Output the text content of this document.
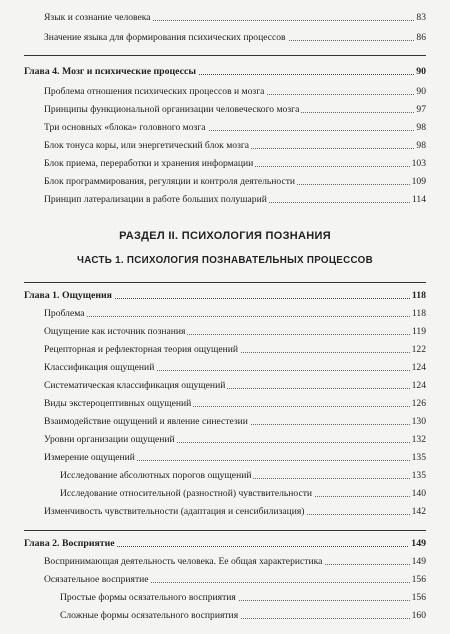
Язык и сознание человека	83
Значение языка для формирования психических процессов	86
Глава 4. Мозг и психические процессы	90
Проблема отношения психических процессов и мозга	90
Принципы функциональной организации человеческого мозга	97
Три основных «блока» головного мозга	98
Блок тонуса коры, или энергетический блок мозга	98
Блок приема, переработки и хранения информации	103
Блок программирования, регуляции и контроля деятельности	109
Принцип латерализации в работе больших полушарий	114
РАЗДЕЛ II. ПСИХОЛОГИЯ ПОЗНАНИЯ
ЧАСТЬ 1. ПСИХОЛОГИЯ ПОЗНАВАТЕЛЬНЫХ ПРОЦЕССОВ
Глава 1. Ощущения	118
Проблема	118
Ощущение как источник познания	119
Рецепторная и рефлекторная теория ощущений	122
Классификация ощущений	124
Систематическая классификация ощущений	124
Виды экстероцептивных ощущений	126
Взаимодействие ощущений и явление синестезии	130
Уровни организации ощущений	132
Измерение ощущений	135
Исследование абсолютных порогов ощущений	135
Исследование относительной (разностной) чувствительности	140
Изменчивость чувствительности (адаптация и сенсибилизация)	142
Глава 2. Восприятие	149
Воспринимающая деятельность человека. Ее общая характеристика	149
Осязательное восприятие	156
Простые формы осязательного восприятия	156
Сложные формы осязательного восприятия	160
